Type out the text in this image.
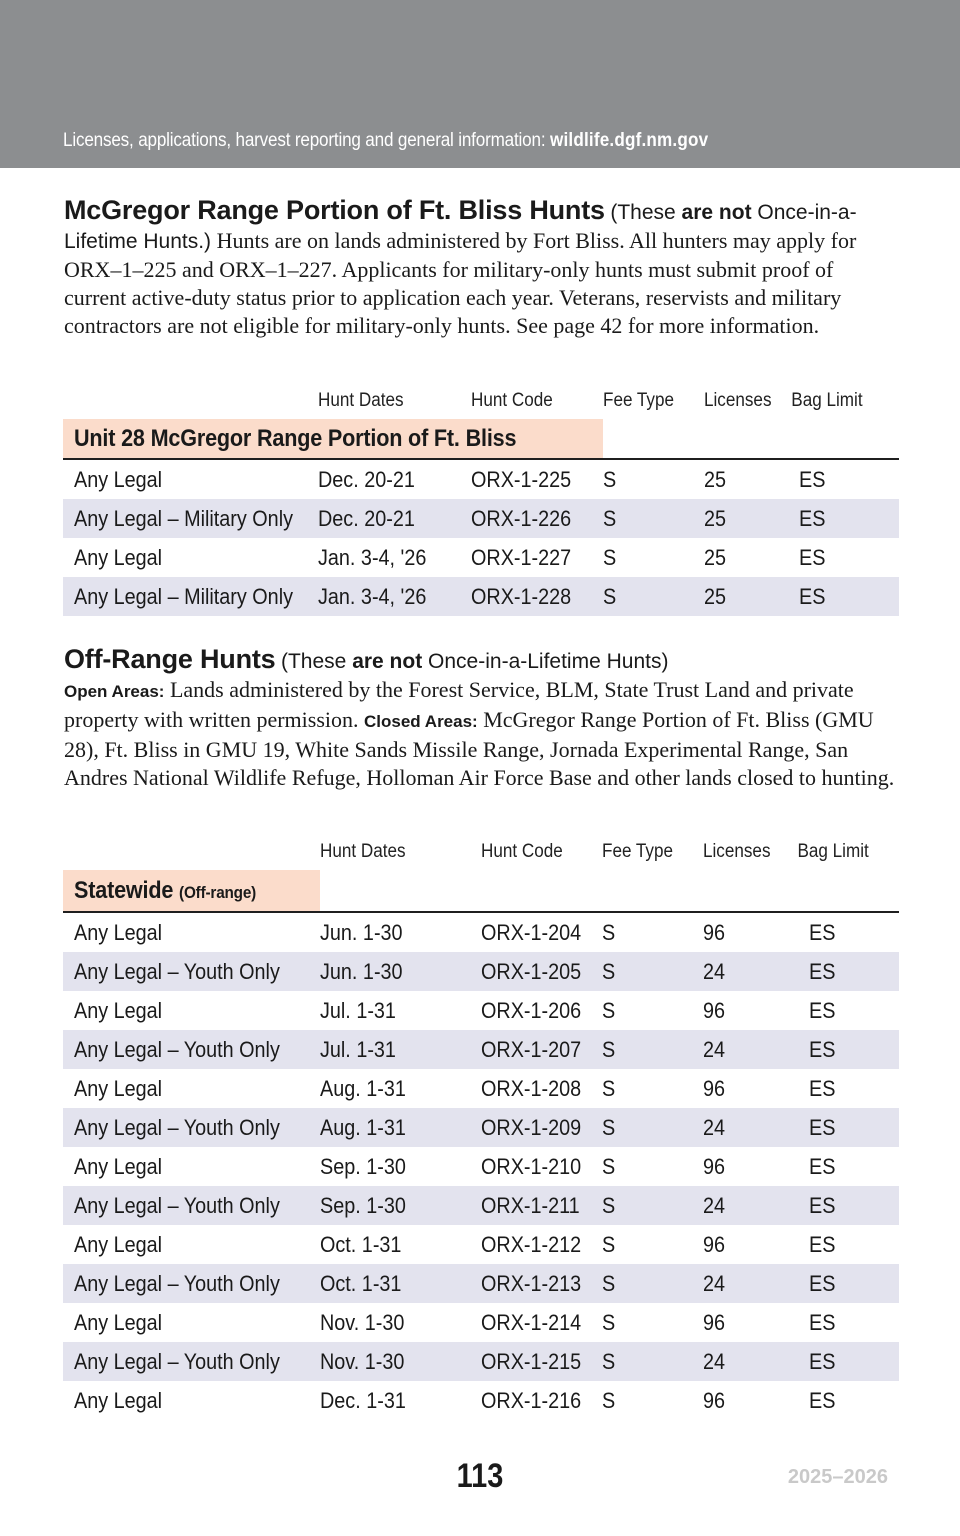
Licenses, applications, harvest reporting and general information: wildlife.dgf.nm.gov

McGregor Range Portion of Ft. Bliss Hunts (These are not Once-in-a-Lifetime Hunts.) Hunts are on lands administered by Fort Bliss. All hunters may apply for ORX–1–225 and ORX–1–227. Applicants for military-only hunts must submit proof of current active-duty status prior to application each year. Veterans, reservists and military contractors are not eligible for military-only hunts. See page 42 for more information.

	Hunt Dates	Hunt Code	Fee Type	Licenses Bag Limit
Unit 28 McGregor Range Portion of Ft. Bliss				
Any Legal	Dec. 20-21	ORX-1-225	S	25 ES
Any Legal – Military Only	Dec. 20-21	ORX-1-226	S	25 ES
Any Legal	Jan. 3-4, '26	ORX-1-227	S	25 ES
Any Legal – Military Only	Jan. 3-4, '26	ORX-1-228	S	25 ES

Off-Range Hunts (These are not Once-in-a-Lifetime Hunts)
Open Areas: Lands administered by the Forest Service, BLM, State Trust Land and private property with written permission. Closed Areas: McGregor Range Portion of Ft. Bliss (GMU 28), Ft. Bliss in GMU 19, White Sands Missile Range, Jornada Experimental Range, San Andres National Wildlife Refuge, Holloman Air Force Base and other lands closed to hunting.

	Hunt Dates	Hunt Code	Fee Type	Licenses Bag Limit
Statewide (Off-range)				
Any Legal	Jun. 1-30	ORX-1-204	S	96 ES
Any Legal – Youth Only	Jun. 1-30	ORX-1-205	S	24 ES
Any Legal	Jul. 1-31	ORX-1-206	S	96 ES
Any Legal – Youth Only	Jul. 1-31	ORX-1-207	S	24 ES
Any Legal	Aug. 1-31	ORX-1-208	S	96 ES
Any Legal – Youth Only	Aug. 1-31	ORX-1-209	S	24 ES
Any Legal	Sep. 1-30	ORX-1-210	S	96 ES
Any Legal – Youth Only	Sep. 1-30	ORX-1-211	S	24 ES
Any Legal	Oct. 1-31	ORX-1-212	S	96 ES
Any Legal – Youth Only	Oct. 1-31	ORX-1-213	S	24 ES
Any Legal	Nov. 1-30	ORX-1-214	S	96 ES
Any Legal – Youth Only	Nov. 1-30	ORX-1-215	S	24 ES
Any Legal	Dec. 1-31	ORX-1-216	S	96 ES
113	2025–2026
